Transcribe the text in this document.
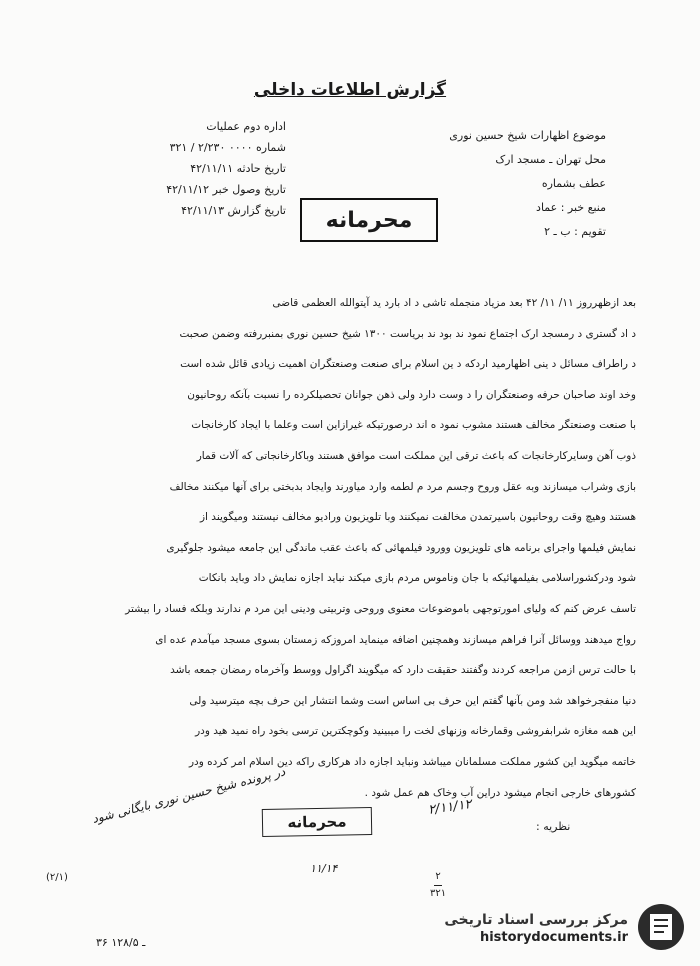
گزارش اطلاعات داخلی
اداره دوم عملیات
شماره ۰۰۰۰ ۲/۲۳۰ / ۳۲۱
تاریخ حادثه ۴۲/۱۱/۱۱
تاریخ وصول خبر ۴۲/۱۱/۱۲
تاریخ گزارش ۴۲/۱۱/۱۳
موضوع اظهارات شیخ حسین نوری
محل تهران ـ مسجد ارک
عطف بشماره
منبع خبر : عماد
تقویم : ب ـ ۲
محرمانه

بعد ازظهرروز ۱۱/ ۱۱/ ۴۲ بعد مزیاد منجمله تاشی د اد بارد ید آیتوالله العظمی قاضی

د اد گستری د رمسجد ارک اجتماع نمود ند بود ند بریاست ۱۳۰۰ شیخ حسین نوری بمنبررفته وضمن صحبت

د راطراف مسائل د ینی اظهارمید اردکه د ین اسلام برای صنعت وصنعتگران اهمیت زیادی قائل شده است

وخد اوند صاحبان حرفه وصنعتگران را د وست دارد ولی ذهن جوانان تحصیلکرده را نسبت بآنکه روحانیون

با صنعت وصنعتگر مخالف هستند مشوب نمود ه اند درصورتیکه غیرازاین است وعلما با ایجاد کارخانجات

ذوب آهن وسایرکارخانجات که باعث ترقی این مملکت است موافق هستند وباکارخانجاتی که آلات قمار

بازی وشراب میسازند وبه عقل وروح وجسم مرد م لطمه وارد میاورند وایجاد بدبختی برای آنها میکنند مخالف

هستند وهیچ وقت روحانیون باسیرتمدن مخالفت نمیکنند وبا تلویزیون ورادیو مخالف نیستند ومیگویند از

نمایش فیلمها واجرای برنامه های تلویزیون وورود فیلمهائی که باعث عقب ماندگی این جامعه میشود جلوگیری

شود ودرکشوراسلامی بفیلمهائیکه با جان وناموس مردم بازی میکند نباید اجازه نمایش داد وباید بانکات

تاسف عرض کنم که ولیای امورتوجهی باموضوعات معنوی وروحی وتربیتی ودینی این مرد م ندارند وبلکه فساد را بیشتر

رواج میدهند ووسائل آنرا فراهم میسازند وهمچنین اضافه مینماید امروزکه زمستان بسوی مسجد میآمدم عده ای

با حالت ترس ازمن مراجعه کردند وگفتند حقیقت دارد که میگویند اگراول ووسط وآخرماه رمضان جمعه باشد

دنیا منفجرخواهد شد ومن بآنها گفتم این حرف بی اساس است وشما انتشار این حرف بچه میترسید ولی

این همه مغازه شرابفروشی وقمارخانه وزنهای لخت را میبینید وکوچکترین ترسی بخود راه نمید هید ودر

خاتمه میگوید این کشور مملکت مسلمانان میباشد ونباید اجازه داد هرکاری راکه دین اسلام امر کرده ودر

کشورهای خارجی انجام میشود دراین آب وخاک هم عمل شود .

نظریه :
محرمانه
۲/۱۱/۱۲
در پرونده شیخ حسین نوری بایگانی شود
(۲/۱)
۱۱/۱۴
۲
۳۲۱
۳۶ ـ ۱۲۸/۵
مرکز بررسی اسناد تاریخی
historydocuments.ir
